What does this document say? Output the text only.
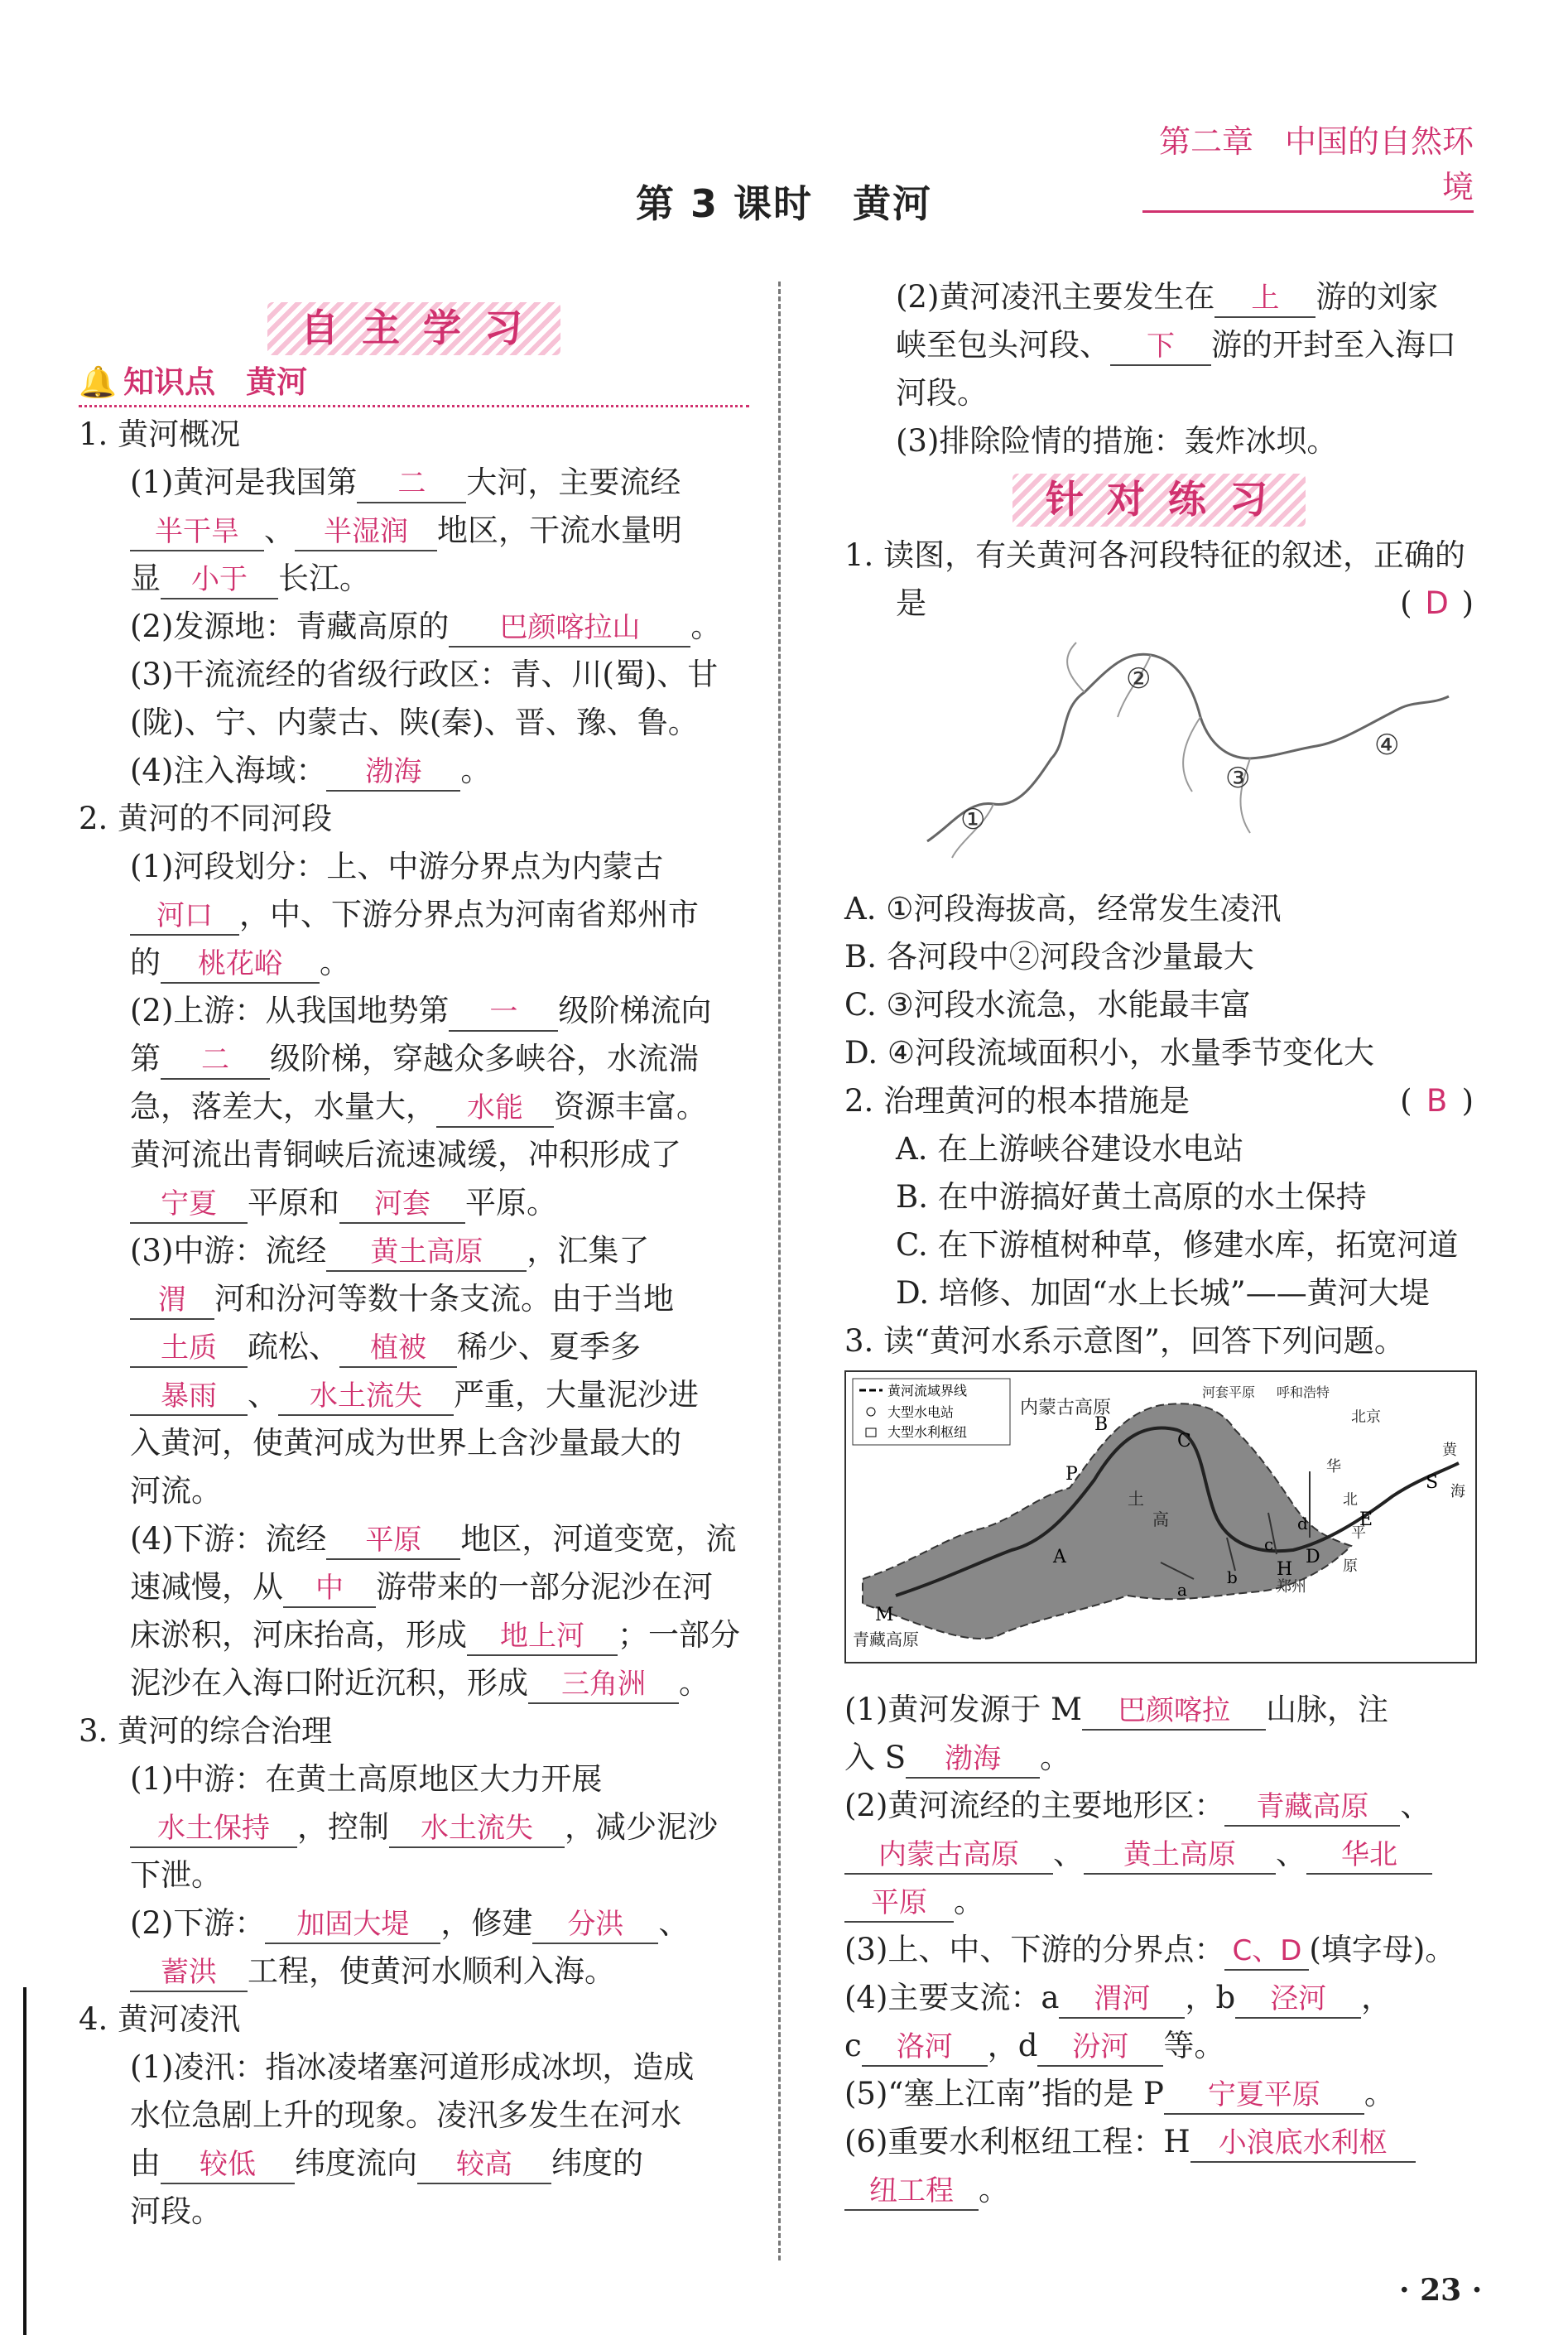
第二章　中国的自然环境
第 3 课时　黄河
自主学习
🔔 知识点　黄河
1. 黄河概况
(1)黄河是我国第 二 大河，主要流经
半干旱 、 半湿润 地区，干流水量明
显 小于 长江。
(2)发源地：青藏高原的 巴颜喀拉山 。
(3)干流流经的省级行政区：青、川(蜀)、甘
(陇)、宁、内蒙古、陕(秦)、晋、豫、鲁。
(4)注入海域： 渤海 。
2. 黄河的不同河段
(1)河段划分：上、中游分界点为内蒙古
河口 ，中、下游分界点为河南省郑州市
的 桃花峪 。
(2)上游：从我国地势第 一 级阶梯流向
第 二 级阶梯，穿越众多峡谷，水流湍
急，落差大，水量大， 水能 资源丰富。
黄河流出青铜峡后流速减缓，冲积形成了
宁夏 平原和 河套 平原。
(3)中游：流经 黄土高原 ，汇集了
渭 河和汾河等数十条支流。由于当地
土质 疏松、 植被 稀少、夏季多
暴雨 、 水土流失 严重，大量泥沙进
入黄河，使黄河成为世界上含沙量最大的
河流。
(4)下游：流经 平原 地区，河道变宽，流
速减慢，从 中 游带来的一部分泥沙在河
床淤积，河床抬高，形成 地上河 ；一部分
泥沙在入海口附近沉积，形成 三角洲 。
3. 黄河的综合治理
(1)中游：在黄土高原地区大力开展
水土保持 ，控制 水土流失 ，减少泥沙
下泄。
(2)下游： 加固大堤 ，修建 分洪 、
蓄洪 工程，使黄河水顺利入海。
4. 黄河凌汛
(1)凌汛：指冰凌堵塞河道形成冰坝，造成
水位急剧上升的现象。凌汛多发生在河水
由 较低 纬度流向 较高 纬度的
河段。
(2)黄河凌汛主要发生在 上 游的刘家
峡至包头河段、 下 游的开封至入海口
河段。
(3)排除险情的措施：轰炸冰坝。
针对练习
1. 读图，有关黄河各河段特征的叙述，正确的
是	( D )
①
②
③
④
A. ①河段海拔高，经常发生凌汛
B. 各河段中②河段含沙量最大
C. ③河段水流急，水能最丰富
D. ④河段流域面积小，水量季节变化大
2. 治理黄河的根本措施是	( B )
A. 在上游峡谷建设水电站
B. 在中游搞好黄土高原的水土保持
C. 在下游植树种草，修建水库，拓宽河道
D. 培修、加固“水上长城”——黄河大堤
3. 读“黄河水系示意图”，回答下列问题。
黄河流域界线
大型水电站
大型水利枢纽
内蒙古高原
河套平原 呼和浩特
北京
青藏高原
郑州
华
北
平
原
黄
海
土
高
M
P
A
B
C
D
E
H
S
a
b
c
d
(1)黄河发源于 M 巴颜喀拉 山脉，注
入 S 渤海 。
(2)黄河流经的主要地形区： 青藏高原 、
内蒙古高原 、 黄土高原 、 华北
平原 。
(3)上、中、下游的分界点： C、D (填字母)。
(4)主要支流：a 渭河 ，b 泾河 ，
c 洛河 ，d 汾河 等。
(5)“塞上江南”指的是 P 宁夏平原 。
(6)重要水利枢纽工程：H 小浪底水利枢
纽工程 。
· 23 ·
